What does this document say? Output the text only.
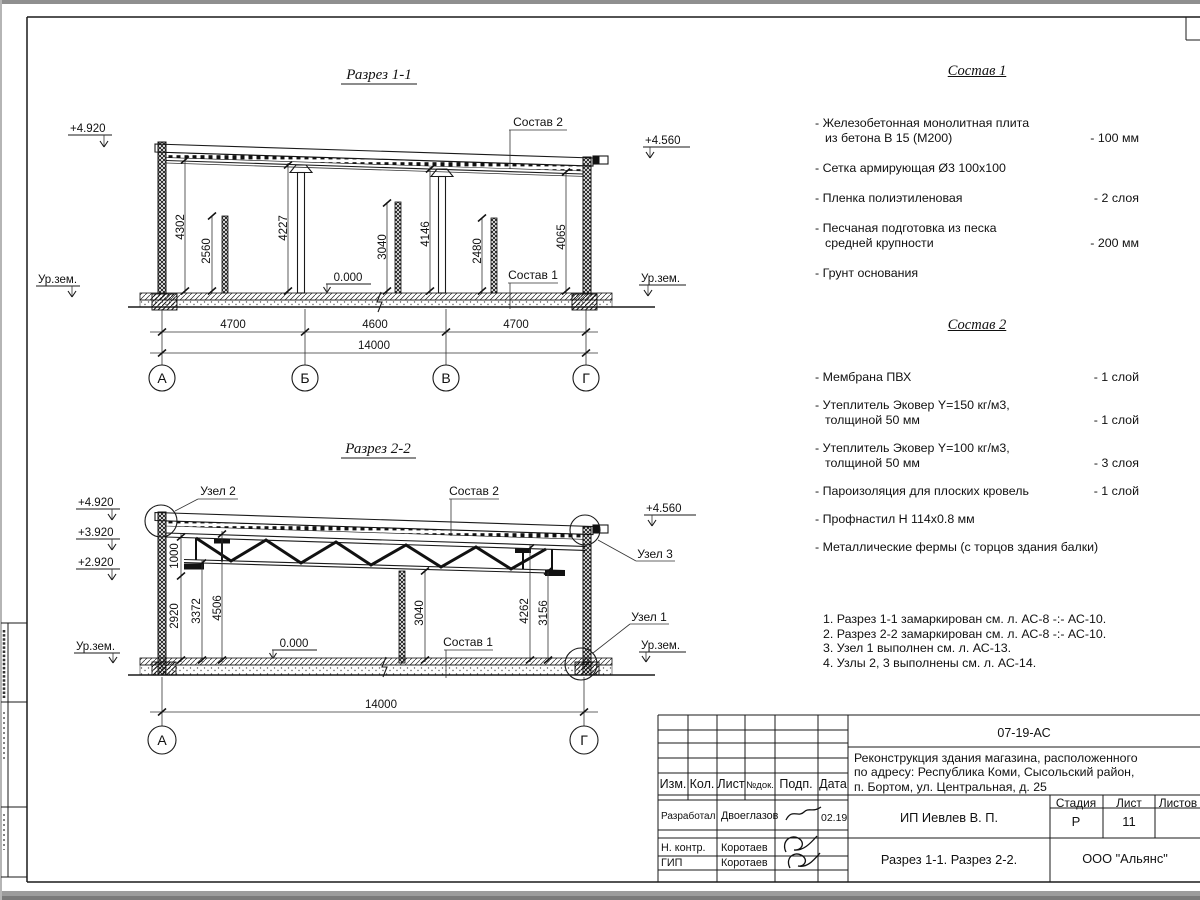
Разрез 1-1
4302
2560
4227
3040
4146
2480
4065
+4.920
+4.560
Ур.зем.	Ур.зем.
0.000
Состав 2
Состав 1
4700	4600	4700
14000
А	Б	В	Г
Разрез 2-2
1000
2920 3372 4506	3040	4262 3156
+4.920
+3.920
+2.920
Ур.зем.
+4.560
Ур.зем.
0.000
Узел 2
Узел 3
Узел 1
Состав 2
Состав 1
14000
А	Г
Состав 1
- Железобетонная монолитная плита
из бетона В 15 (М200)	- 100 мм
- Сетка армирующая Ø3 100х100
- Пленка полиэтиленовая	- 2 слоя
- Песчаная подготовка из песка
средней крупности	- 200 мм
- Грунт основания
Состав 2
- Мембрана ПВХ	- 1 слой
- Утеплитель Эковер Y=150 кг/м3,
толщиной 50 мм	- 1 слой
- Утеплитель Эковер Y=100 кг/м3,
толщиной 50 мм	- 3 слоя
- Пароизоляция для плоских кровель	- 1 слой
- Профнастил Н 114х0.8 мм
- Металлические фермы (с торцов здания балки)
1. Разрез 1-1 замаркирован см. л. АС-8 -:- АС-10.
2. Разрез 2-2 замаркирован см. л. АС-8 -:- АС-10.
3. Узел 1 выполнен см. л. АС-13.
4. Узлы 2, 3 выполнены см. л. АС-14.
07-19-АС
Реконструкция здания магазина, расположенного
по адресу: Республика Коми, Сысольский район,
п. Бортом, ул. Центральная, д. 25
Изм. Кол. Лист №док. Подп. Дата
Разработал Двоеглазов	02.19
Н. контр. Коротаев
ГИП	Коротаев
ИП Иевлев В. П.
Стадия Лист Листов
Р	11
Разрез 1-1. Разрез 2-2.	ООО "Альянс"
